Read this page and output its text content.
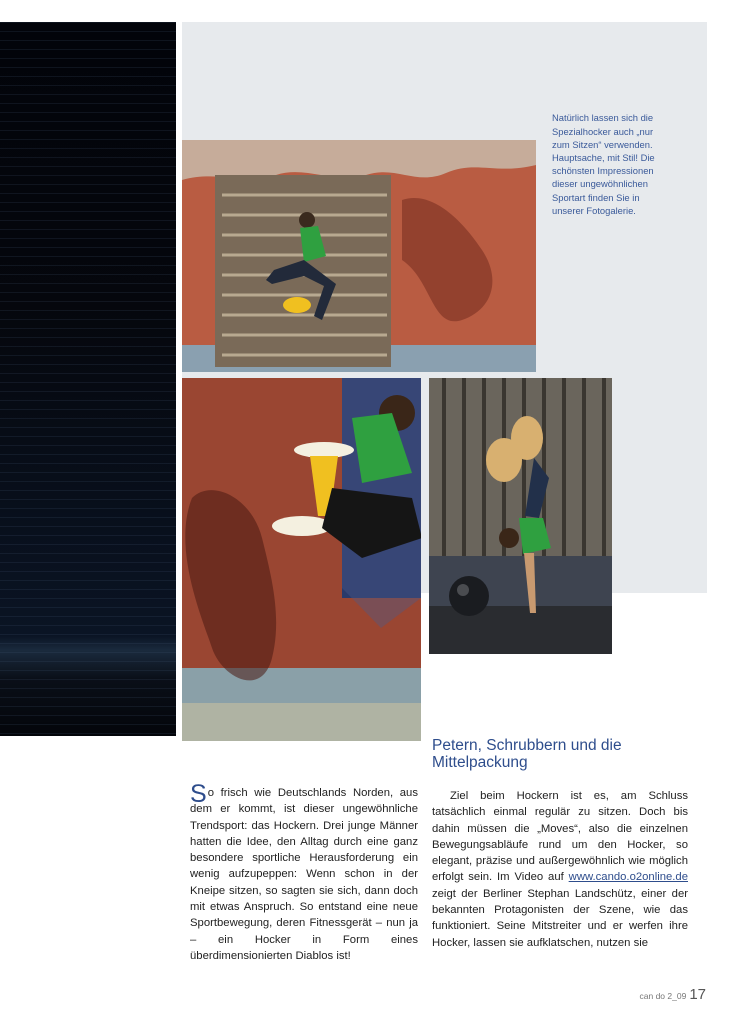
Natürlich lassen sich die Spezialhocker auch „nur zum Sitzen“ verwenden. Hauptsache, mit Stil! Die schönsten Impressionen dieser ungewöhnlichen Sportart finden Sie in unserer Fotogalerie.

Petern, Schrubbern und die Mittelpackung

So frisch wie Deutschlands Norden, aus dem er kommt, ist dieser ungewöhnliche Trendsport: das Hockern. Drei junge Männer hatten die Idee, den Alltag durch eine ganz besondere sportliche Herausforderung ein wenig aufzupeppen: Wenn schon in der Kneipe sitzen, so sagten sie sich, dann doch mit etwas Anspruch. So entstand eine neue Sportbewegung, deren Fitnessgerät – nun ja – ein Hocker in Form eines überdimensionierten Diablos ist!

Ziel beim Hockern ist es, am Schluss tatsächlich einmal regulär zu sitzen. Doch bis dahin müssen die „Moves“, also die einzelnen Bewegungsabläufe rund um den Hocker, so elegant, präzise und außergewöhnlich wie möglich erfolgt sein. Im Video auf www.cando.o2online.de zeigt der Berliner Stephan Landschütz, einer der bekannten Protagonisten der Szene, wie das funktioniert. Seine Mitstreiter und er werfen ihre Hocker, lassen sie aufklatschen, nutzen sie

can do 2_09 17
